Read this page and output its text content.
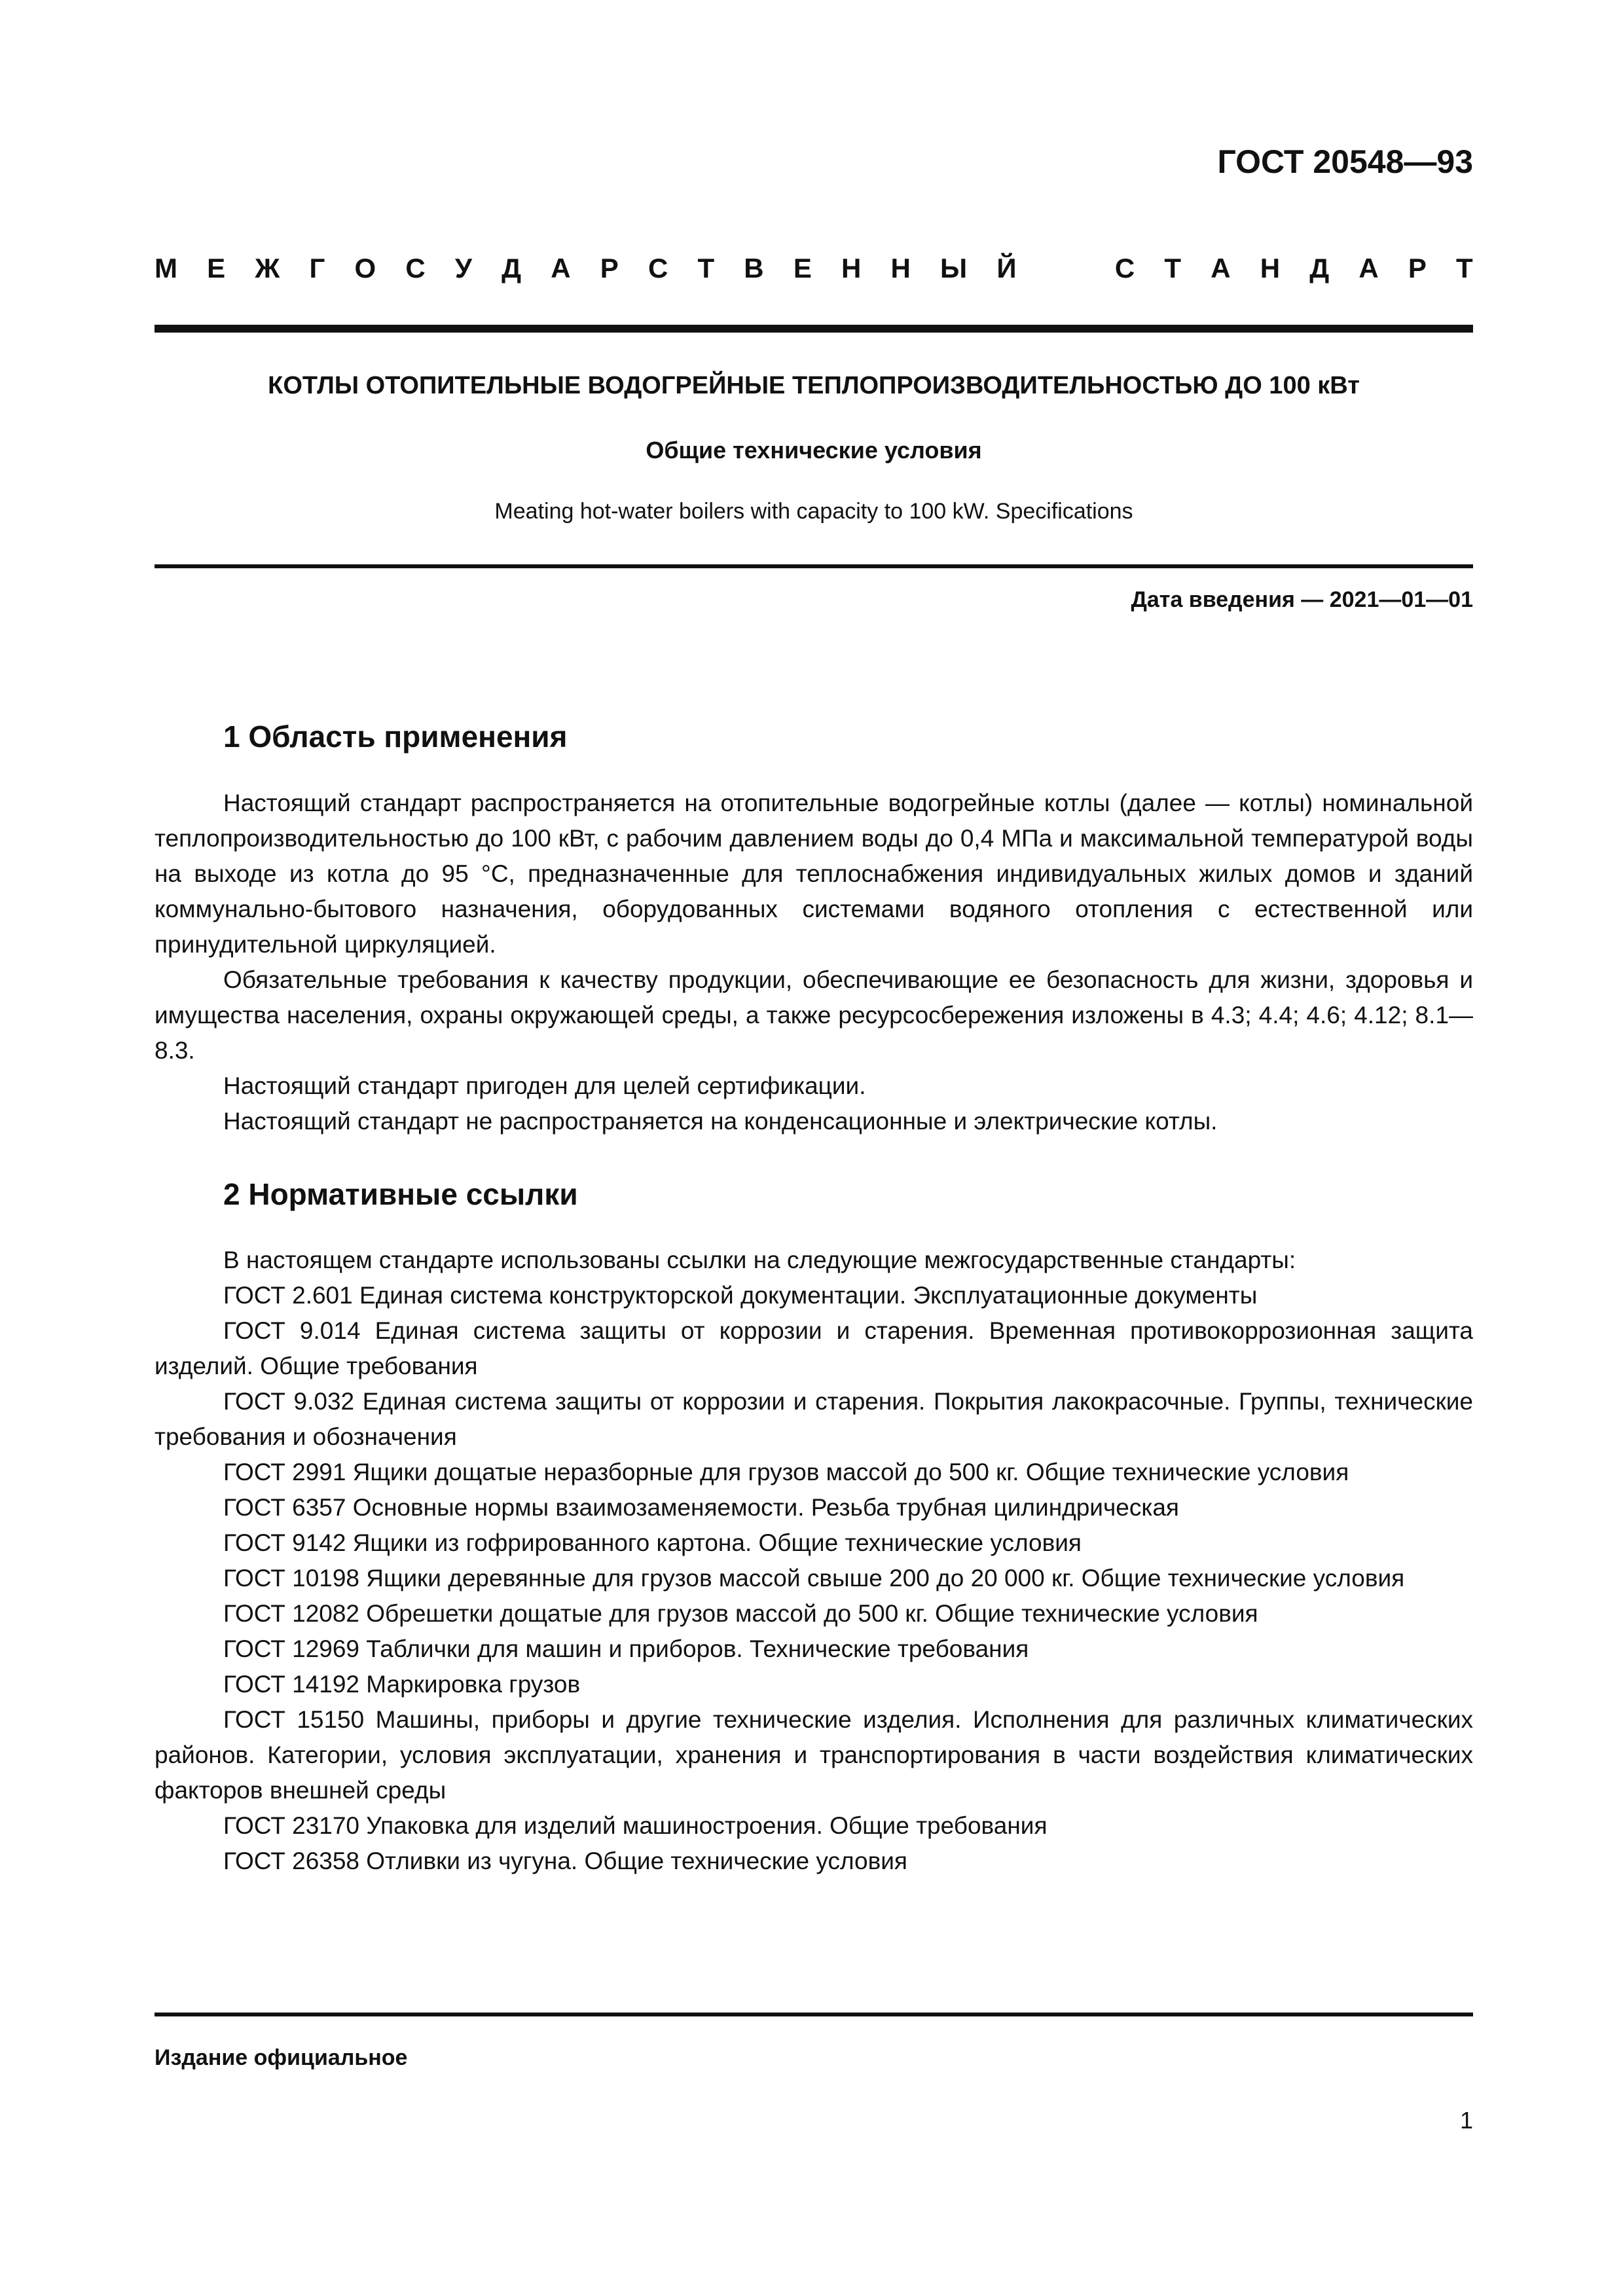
ГОСТ 20548—93
М Е Ж Г О С У Д А Р С Т В Е Н Н Ы Й	С Т А Н Д А Р Т
КОТЛЫ ОТОПИТЕЛЬНЫЕ ВОДОГРЕЙНЫЕ ТЕПЛОПРОИЗВОДИТЕЛЬНОСТЬЮ ДО 100 кВт
Общие технические условия
Meating hot-water boilers with capacity to 100 kW. Specifications
Дата введения — 2021—01—01
1 Область применения

Настоящий стандарт распространяется на отопительные водогрейные котлы (далее — котлы) номинальной теплопроизводительностью до 100 кВт, с рабочим давлением воды до 0,4 МПа и максимальной температурой воды на выходе из котла до 95 °С, предназначенные для теплоснабжения индивидуальных жилых домов и зданий коммунально-бытового назначения, оборудованных системами водяного отопления с естественной или принудительной циркуляцией.

Обязательные требования к качеству продукции, обеспечивающие ее безопасность для жизни, здоровья и имущества населения, охраны окружающей среды, а также ресурсосбережения изложены в 4.3; 4.4; 4.6; 4.12; 8.1—8.3.

Настоящий стандарт пригоден для целей сертификации.

Настоящий стандарт не распространяется на конденсационные и электрические котлы.

2 Нормативные ссылки

В настоящем стандарте использованы ссылки на следующие межгосударственные стандарты:

ГОСТ 2.601 Единая система конструкторской документации. Эксплуатационные документы

ГОСТ 9.014 Единая система защиты от коррозии и старения. Временная противокоррозионная защита изделий. Общие требования

ГОСТ 9.032 Единая система защиты от коррозии и старения. Покрытия лакокрасочные. Группы, технические требования и обозначения

ГОСТ 2991 Ящики дощатые неразборные для грузов массой до 500 кг. Общие технические условия

ГОСТ 6357 Основные нормы взаимозаменяемости. Резьба трубная цилиндрическая

ГОСТ 9142 Ящики из гофрированного картона. Общие технические условия

ГОСТ 10198 Ящики деревянные для грузов массой свыше 200 до 20 000 кг. Общие технические условия

ГОСТ 12082 Обрешетки дощатые для грузов массой до 500 кг. Общие технические условия

ГОСТ 12969 Таблички для машин и приборов. Технические требования

ГОСТ 14192 Маркировка грузов

ГОСТ 15150 Машины, приборы и другие технические изделия. Исполнения для различных климатических районов. Категории, условия эксплуатации, хранения и транспортирования в части воздействия климатических факторов внешней среды

ГОСТ 23170 Упаковка для изделий машиностроения. Общие требования

ГОСТ 26358 Отливки из чугуна. Общие технические условия

Издание официальное
1
